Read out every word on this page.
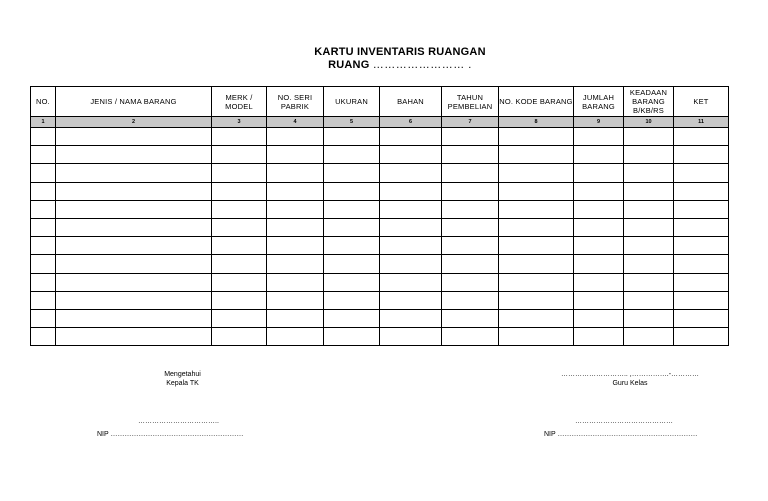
KARTU INVENTARIS RUANGAN
RUANG …………………… .
NO.	JENIS / NAMA BARANG	MERK / MODEL	NO. SERI PABRIK	UKURAN	BAHAN	TAHUN PEMBELIAN	NO. KODE BARANG	JUMLAH BARANG	KEADAAN BARANG B/KB/RS	KET
1	2	3	4	5	6	7	8	9	10	11

Mengetahui
Kepala TK
……………………………..
NIP …………………………………………………
……………………….. ,…………….-…………
Guru Kelas
……………………………………
NIP ……………………………………………………
